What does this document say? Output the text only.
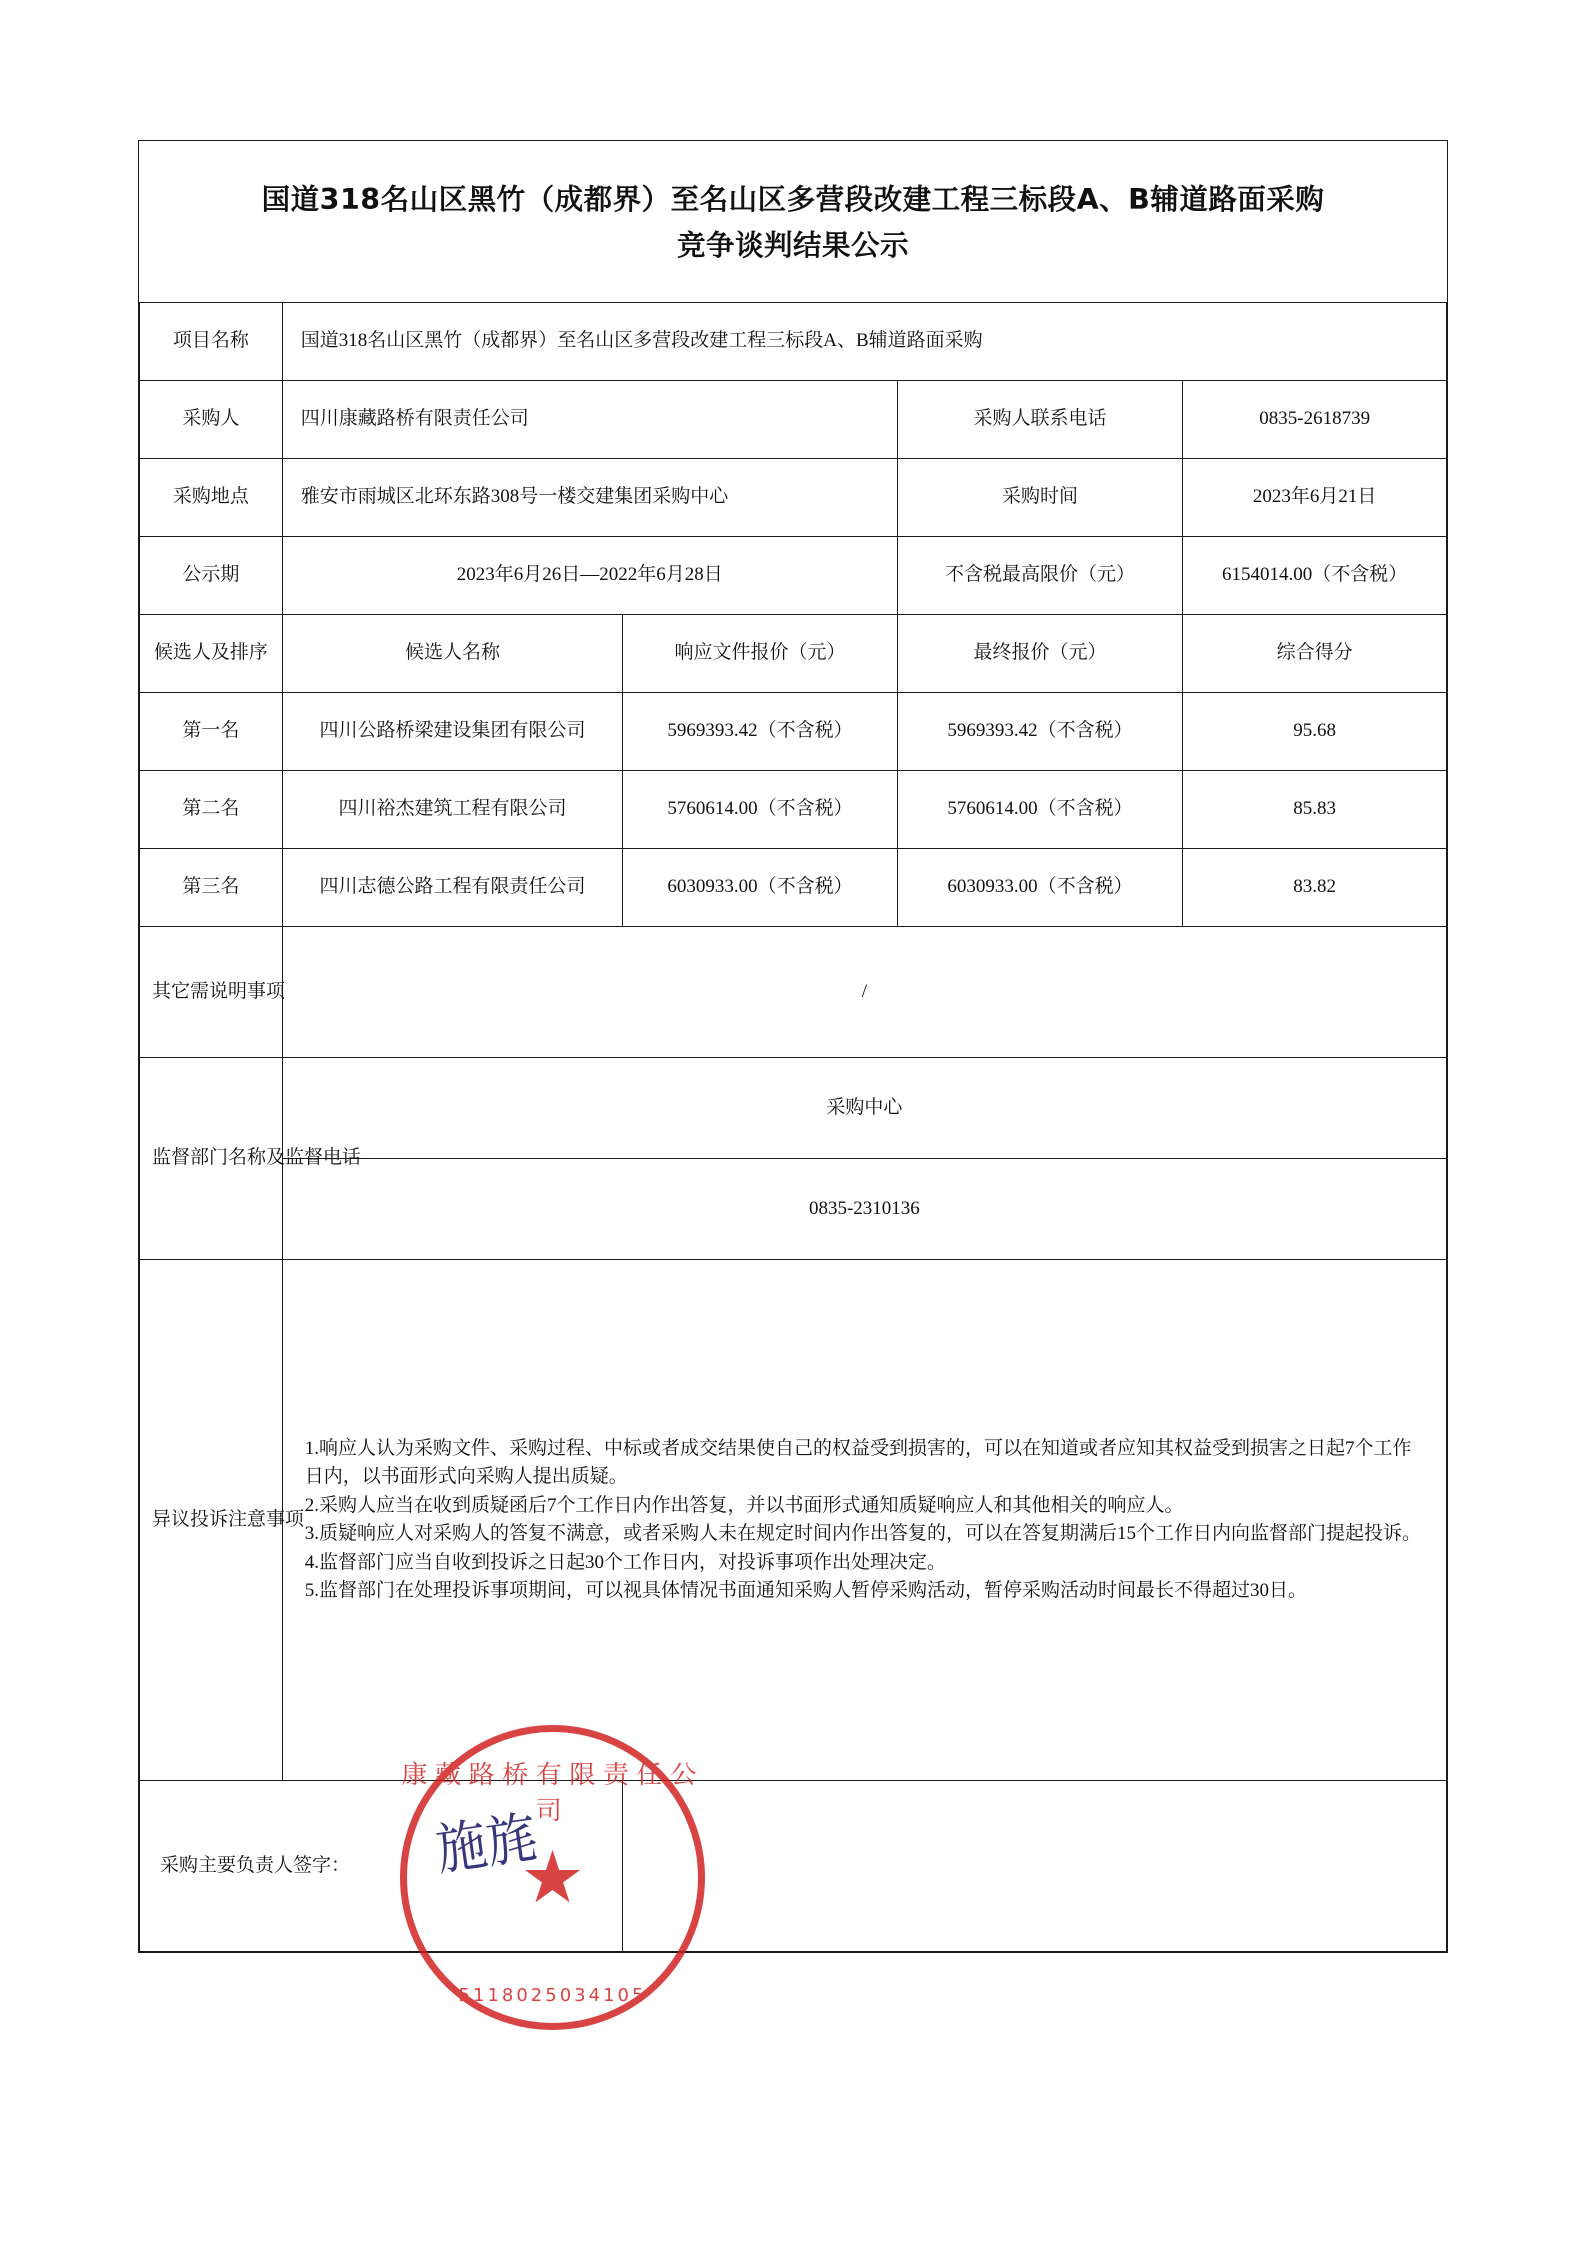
国道318名山区黑竹（成都界）至名山区多营段改建工程三标段A、B辅道路面采购
竞争谈判结果公示				

项目名称	国道318名山区黑竹（成都界）至名山区多营段改建工程三标段A、B辅道路面采购			
采购人	四川康藏路桥有限责任公司		采购人联系电话	0835-2618739
采购地点	雅安市雨城区北环东路308号一楼交建集团采购中心		采购时间	2023年6月21日
公示期	2023年6月26日—2022年6月28日		不含税最高限价（元）	6154014.00（不含税）
候选人及排序	候选人名称	响应文件报价（元）	最终报价（元）	综合得分
第一名	四川公路桥梁建设集团有限公司	5969393.42（不含税）	5969393.42（不含税）	95.68
第二名	四川裕杰建筑工程有限公司	5760614.00（不含税）	5760614.00（不含税）	85.83
第三名	四川志德公路工程有限责任公司	6030933.00（不含税）	6030933.00（不含税）	83.82
其它需说明事项	/			
监督部门名称及监督电话	采购中心			
	0835-2310136			
异议投诉注意事项	1.响应人认为采购文件、采购过程、中标或者成交结果使自己的权益受到损害的，可以在知道或者应知其权益受到损害之日起7个工作日内，以书面形式向采购人提出质疑。

2.采购人应当在收到质疑函后7个工作日内作出答复，并以书面形式通知质疑响应人和其他相关的响应人。

3.质疑响应人对采购人的答复不满意，或者采购人未在规定时间内作出答复的，可以在答复期满后15个工作日内向监督部门提起投诉。

4.监督部门应当自收到投诉之日起30个工作日内，对投诉事项作出处理决定。

5.监督部门在处理投诉事项期间，可以视具体情况书面通知采购人暂停采购活动，暂停采购活动时间最长不得超过30日。			

采购主要负责人签字：				
康藏路桥有限责任公司
★
5118025034105
施旄
